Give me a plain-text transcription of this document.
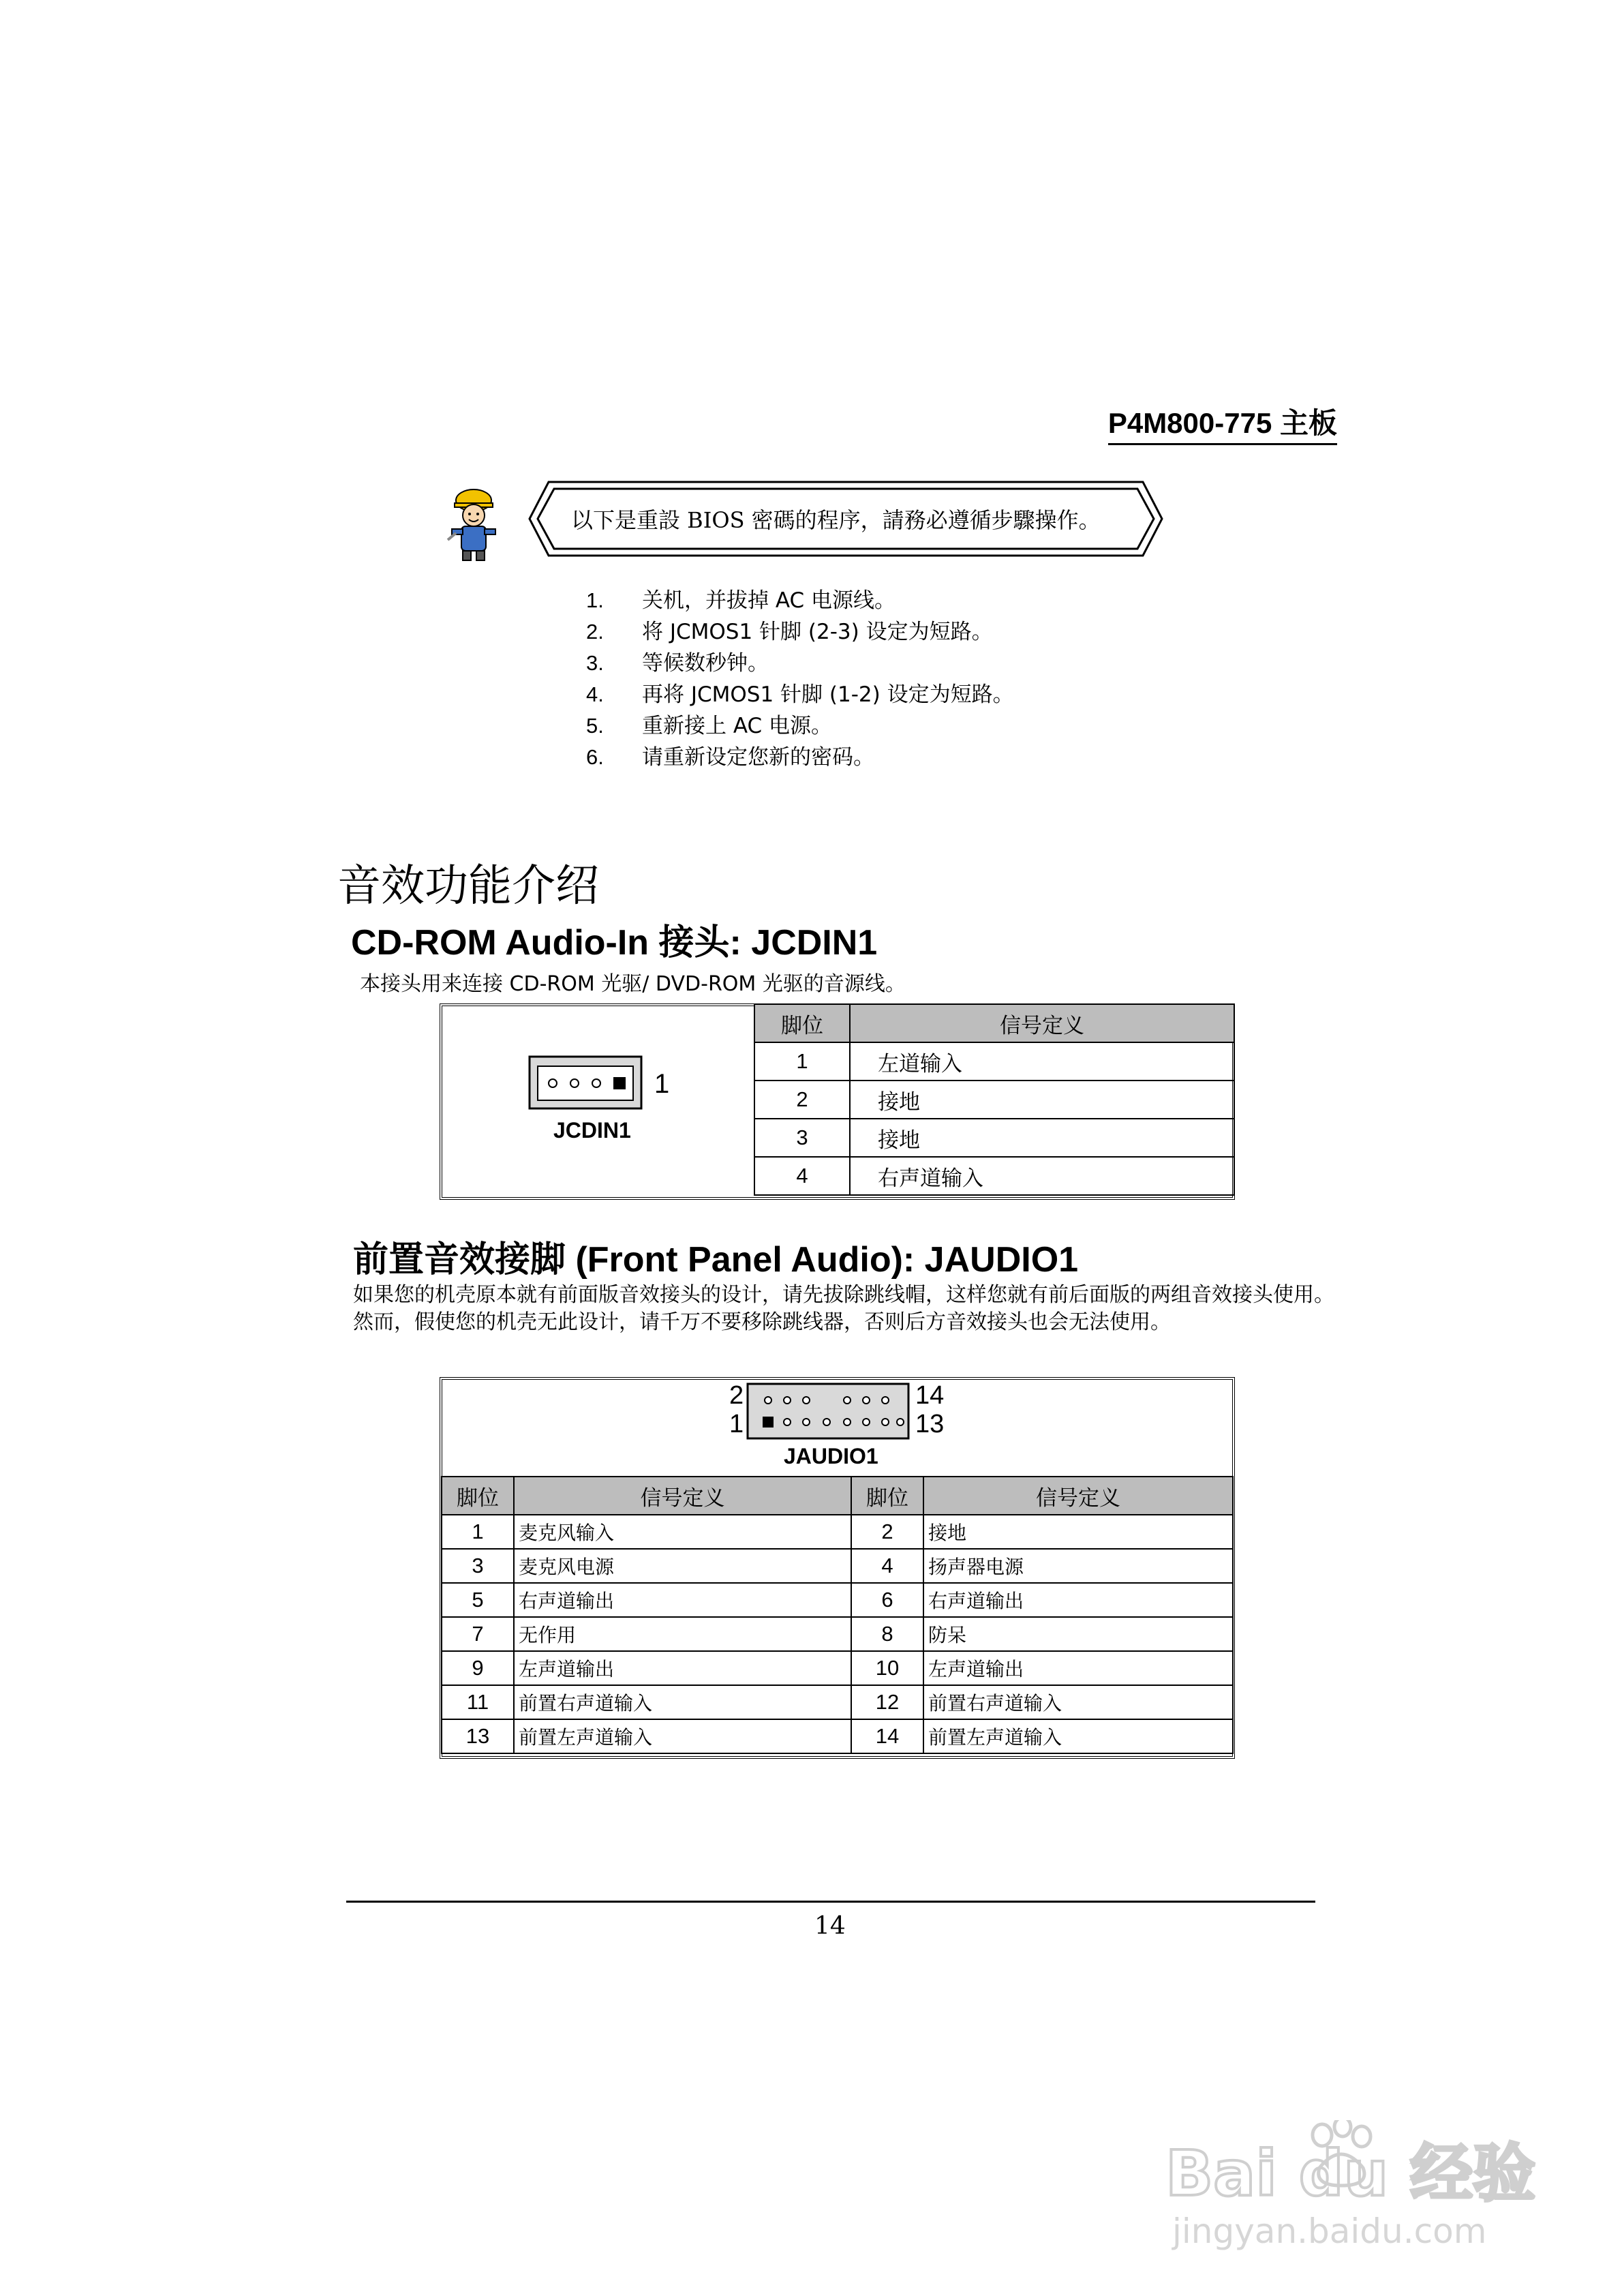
P4M800-775 主板
以下是重設 BIOS 密碼的程序，請務必遵循步驟操作。
1.	关机，并拔掉 AC 电源线。
2.	将 JCMOS1 针脚 (2-3) 设定为短路。
3.	等候数秒钟。
4.	再将 JCMOS1 针脚 (1-2) 设定为短路。
5.	重新接上 AC 电源。
6.	请重新设定您新的密码。
音效功能介绍
CD-ROM Audio-In 接头: JCDIN1
本接头用来连接 CD-ROM 光驱/ DVD-ROM 光驱的音源线。
1
JCDIN1
脚位	信号定义
1	左道输入
2	接地
3	接地
4	右声道输入
前置音效接脚 (Front Panel Audio): JAUDIO1
如果您的机壳原本就有前面版音效接头的设计，请先拔除跳线帽，这样您就有前后面版的两组音效接头使用。然而，假使您的机壳无此设计，请千万不要移除跳线器，否则后方音效接头也会无法使用。
2
1
14
13
JAUDIO1
脚位	信号定义	脚位	信号定义
1	麦克风输入	2	接地
3	麦克风电源	4	扬声器电源
5	右声道输出	6	右声道输出
7	无作用	8	防呆
9	左声道输出	10	左声道输出
11	前置右声道输入	12	前置右声道输入
13	前置左声道输入	14	前置左声道输入
14
Bai du 经验
jingyan.baidu.com
